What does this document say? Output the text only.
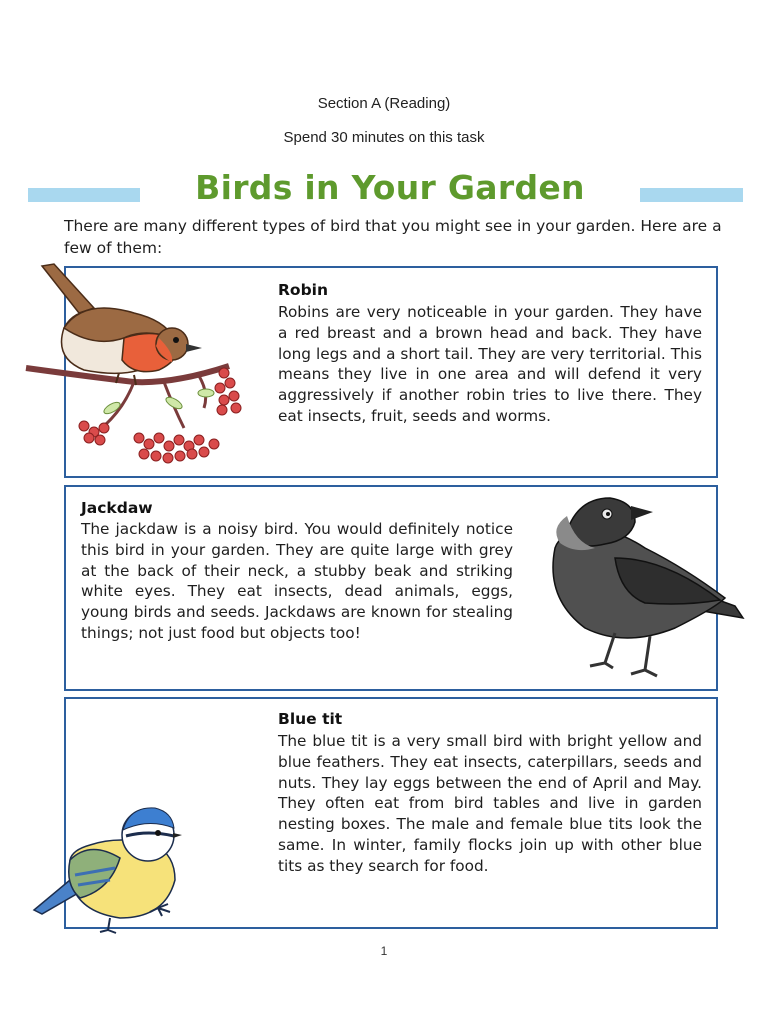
Section A (Reading)
Spend 30 minutes on this task
Birds in Your Garden
There are many different types of bird that you might see in your garden. Here are a few of them:
Robin
Robins are very noticeable in your garden. They have a red breast and a brown head and back. They have long legs and a short tail. They are very territorial. This means they live in one area and will defend it very aggressively if another robin tries to live there. They eat insects, fruit, seeds and worms.
Jackdaw
The jackdaw is a noisy bird. You would definitely notice this bird in your garden. They are quite large with grey at the back of their neck, a stubby beak and striking white eyes. They eat insects, dead animals, eggs, young birds and seeds. Jackdaws are known for stealing things; not just food but objects too!
Blue tit
The blue tit is a very small bird with bright yellow and blue feathers. They eat insects, caterpillars, seeds and nuts. They lay eggs between the end of April and May. They often eat from bird tables and live in garden nesting boxes. The male and female blue tits look the same. In winter, family flocks join up with other blue tits as they search for food.
1
